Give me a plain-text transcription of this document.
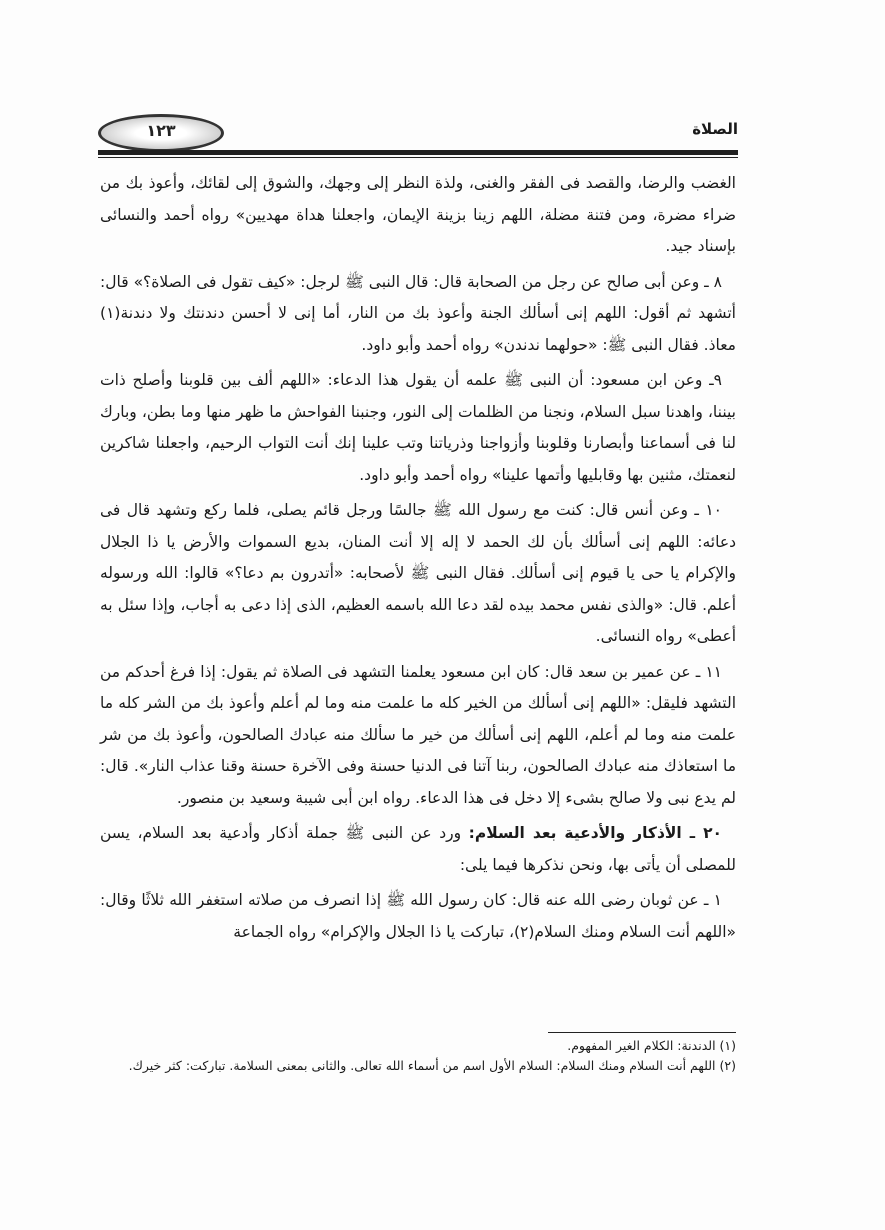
الصلاة
١٢٣

الغضب والرضا، والقصد فى الفقر والغنى، ولذة النظر إلى وجهك، والشوق إلى لقائك، وأعوذ بك من ضراء مضرة، ومن فتنة مضلة، اللهم زينا بزينة الإيمان، واجعلنا هداة مهديين» رواه أحمد والنسائى بإسناد جيد.

٨ ـ وعن أبى صالح عن رجل من الصحابة قال: قال النبى ﷺ لرجل: «كيف تقول فى الصلاة؟» قال: أتشهد ثم أقول: اللهم إنى أسألك الجنة وأعوذ بك من النار، أما إنى لا أحسن دندنتك ولا دندنة(١) معاذ. فقال النبى ﷺ: «حولهما ندندن» رواه أحمد وأبو داود.

٩ـ وعن ابن مسعود: أن النبى ﷺ علمه أن يقول هذا الدعاء: «اللهم ألف بين قلوبنا وأصلح ذات بيننا، واهدنا سبل السلام، ونجنا من الظلمات إلى النور، وجنبنا الفواحش ما ظهر منها وما بطن، وبارك لنا فى أسماعنا وأبصارنا وقلوبنا وأزواجنا وذرياتنا وتب علينا إنك أنت التواب الرحيم، واجعلنا شاكرين لنعمتك، مثنين بها وقابليها وأتمها علينا» رواه أحمد وأبو داود.

١٠ ـ وعن أنس قال: كنت مع رسول الله ﷺ جالسًا ورجل قائم يصلى، فلما ركع وتشهد قال فى دعائه: اللهم إنى أسألك بأن لك الحمد لا إله إلا أنت المنان، بديع السموات والأرض يا ذا الجلال والإكرام يا حى يا قيوم إنى أسألك. فقال النبى ﷺ لأصحابه: «أتدرون بم دعا؟» قالوا: الله ورسوله أعلم. قال: «والذى نفس محمد بيده لقد دعا الله باسمه العظيم، الذى إذا دعى به أجاب، وإذا سئل به أعطى» رواه النسائى.

١١ ـ عن عمير بن سعد قال: كان ابن مسعود يعلمنا التشهد فى الصلاة ثم يقول: إذا فرغ أحدكم من التشهد فليقل: «اللهم إنى أسألك من الخير كله ما علمت منه وما لم أعلم وأعوذ بك من الشر كله ما علمت منه وما لم أعلم، اللهم إنى أسألك من خير ما سألك منه عبادك الصالحون، وأعوذ بك من شر ما استعاذك منه عبادك الصالحون، ربنا آتنا فى الدنيا حسنة وفى الآخرة حسنة وقنا عذاب النار». قال: لم يدع نبى ولا صالح بشىء إلا دخل فى هذا الدعاء. رواه ابن أبى شيبة وسعيد بن منصور.

٢٠ ـ الأذكار والأدعية بعد السلام: ورد عن النبى ﷺ جملة أذكار وأدعية بعد السلام، يسن للمصلى أن يأتى بها، ونحن نذكرها فيما يلى:

١ ـ عن ثوبان رضى الله عنه قال: كان رسول الله ﷺ إذا انصرف من صلاته استغفر الله ثلاثًا وقال: «اللهم أنت السلام ومنك السلام(٢)، تباركت يا ذا الجلال والإكرام» رواه الجماعة

(١) الدندنة: الكلام الغير المفهوم.

(٢) اللهم أنت السلام ومنك السلام: السلام الأول اسم من أسماء الله تعالى. والثانى بمعنى السلامة. تباركت: كثر خيرك.
